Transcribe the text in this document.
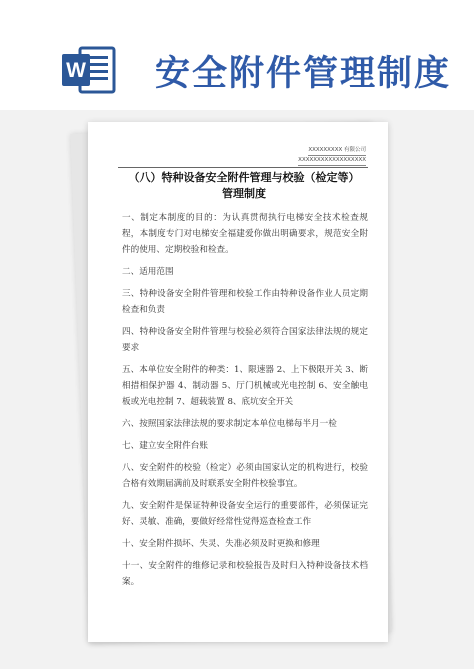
W 安全附件管理制度
XXXXXXXXX 有限公司
XXXXXXXXXXXXXXXXXX
（八）特种设备安全附件管理与校验（检定等）
管理制度

一、制定本制度的目的：为认真贯彻执行电梯安全技术检查规程，本制度专门对电梯安全福建爱你做出明确要求，规范安全附件的使用、定期校验和检查。

二、适用范围

三、特种设备安全附件管理和校验工作由特种设备作业人员定期检查和负责

四、特种设备安全附件管理与校验必须符合国家法律法规的规定要求

五、本单位安全附件的种类：1、限速器 2、上下极限开关 3、断相措相保护器 4、制动器 5、厅门机械或光电控制 6、安全触电板或光电控制 7、超载装置 8、底坑安全开关

六、按照国家法律法规的要求制定本单位电梯每半月一检

七、建立安全附件台账

八、安全附件的校验（检定）必须由国家认定的机构进行，校验合格有效期届满前及时联系安全附件校验事宜。

九、安全附件是保证特种设备安全运行的重要部件，必须保证完好、灵敏、准确，要做好经常性觉得巡查检查工作

十、安全附件损坏、失灵、失准必须及时更换和修理

十一、安全附件的维修记录和校验报告及时归入特种设备技术档案。
